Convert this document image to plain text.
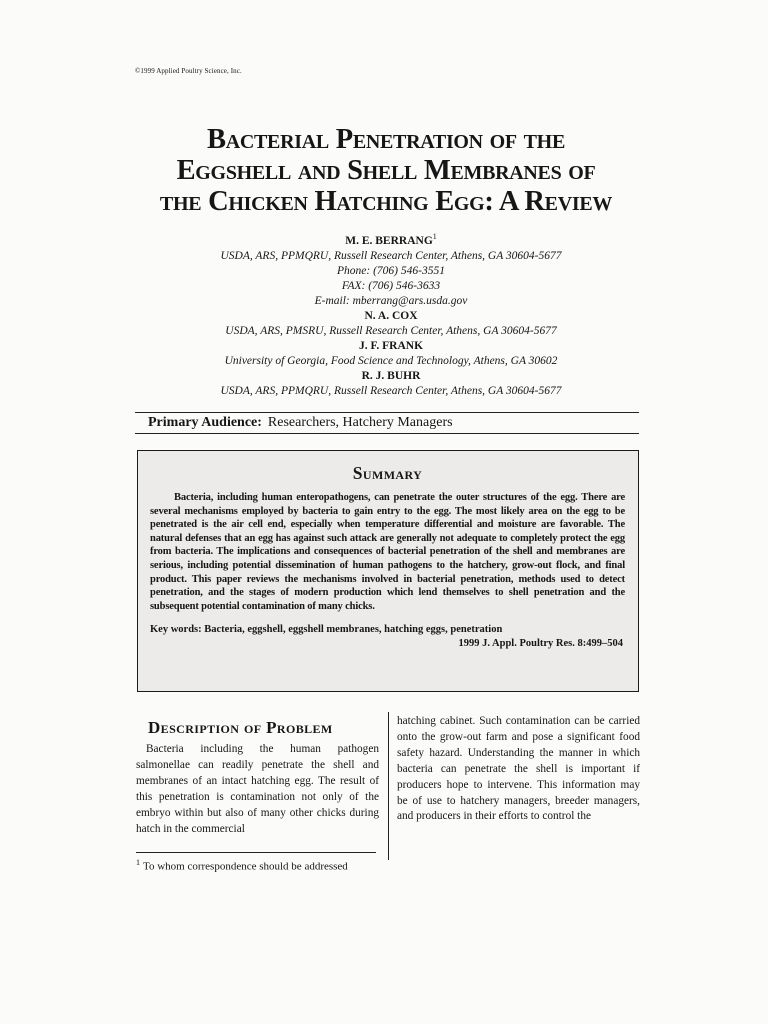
©1999 Applied Poultry Science, Inc.
Bacterial Penetration of the
Eggshell and Shell Membranes of
the Chicken Hatching Egg: A Review
M. E. BERRANG$^1$
USDA, ARS, PPMQRU, Russell Research Center, Athens, GA 30604-5677
Phone: (706) 546-3551
FAX: (706) 546-3633
E-mail: mberrang@ars.usda.gov
N. A. COX
USDA, ARS, PMSRU, Russell Research Center, Athens, GA 30604-5677
J. F. FRANK
University of Georgia, Food Science and Technology, Athens, GA 30602
R. J. BUHR
USDA, ARS, PPMQRU, Russell Research Center, Athens, GA 30604-5677
Primary Audience: Researchers, Hatchery Managers
Summary

Bacteria, including human enteropathogens, can penetrate the outer structures of the egg. There are several mechanisms employed by bacteria to gain entry to the egg. The most likely area on the egg to be penetrated is the air cell end, especially when temperature differential and moisture are favorable. The natural defenses that an egg has against such attack are generally not adequate to completely protect the egg from bacteria. The implications and consequences of bacterial penetration of the shell and membranes are serious, including potential dissemination of human pathogens to the hatchery, grow-out flock, and final product. This paper reviews the mechanisms involved in bacterial penetration, methods used to detect penetration, and the stages of modern production which lend themselves to shell penetration and the subsequent potential contamination of many chicks.

Key words: Bacteria, eggshell, eggshell membranes, hatching eggs, penetration

1999 J. Appl. Poultry Res. 8:499–504

Description of Problem

Bacteria including the human pathogen salmonellae can readily penetrate the shell and membranes of an intact hatching egg. The result of this penetration is contamination not only of the embryo within but also of many other chicks during hatch in the commercial

hatching cabinet. Such contamination can be carried onto the grow-out farm and pose a significant food safety hazard. Understanding the manner in which bacteria can penetrate the shell is important if producers hope to intervene. This information may be of use to hatchery managers, breeder managers, and producers in their efforts to control the

$^1$ To whom correspondence should be addressed
